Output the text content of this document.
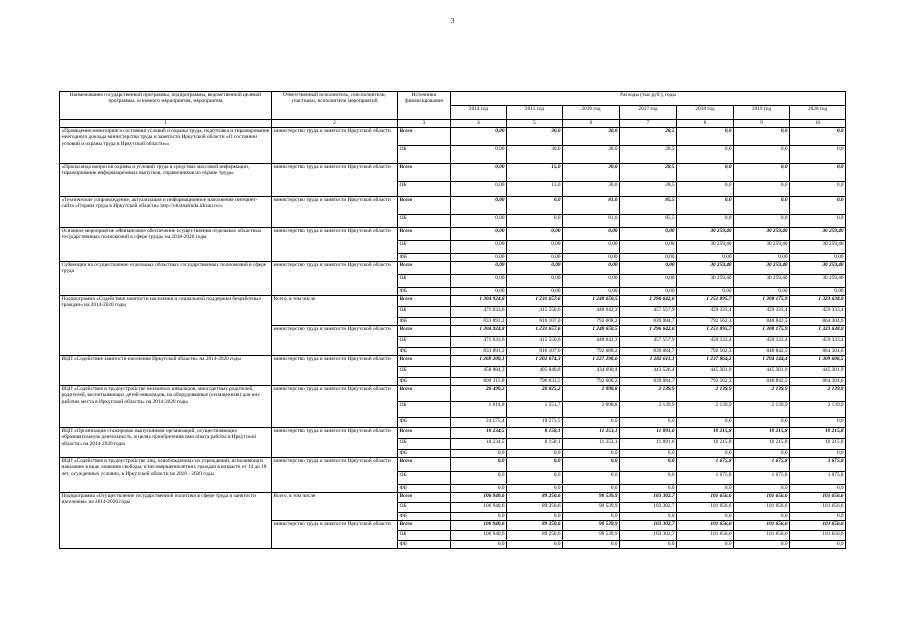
3
Наименование государственной программы, подпрограммы, ведомственной целевой программы, основного мероприятия, мероприятия	Ответственный исполнитель, соисполнители, участники, исполнители мероприятий	Источники финансирования	Расходы (тыс.руб.), годы						
			2014 год	2015 год	2016 год	2017 год	2018 год	2019 год	2020 год
1	2	3	4	5	6	7	8	9	10
«Проведение мониторинга состояния условий и охраны труда, подготовка и тиражирование ежегодного доклада министерства труда и занятости Иркутской области «О состоянии условий и охраны труда в Иркутской области»»	министерство труда и занятости Иркутской области	Всего	0,00	30,0	30,0	28,5	0,0	0,0	0,0
		ОБ	0,00	30,0	30,0	28,5	0,0	0,0	0,0
«Пропаганда вопросов охраны и условий труда в средствах массовой информации, тиражирование информационных выпусков, справочников по охране труда»	министерство труда и занятости Иркутской области	Всего	0,00	15,0	30,0	28,5	0,0	0,0	0,0
		ОБ	0,00	15,0	30,0	28,5	0,0	0,0	0,0
«Техническое сопровождение, актуализация и информационное наполнение интернет-сайта «Охрана труда в Иркутской области» http://ohranatruda.irkzan.ru/»	министерство труда и занятости Иркутской области	Всего	0,00	0,0	81,0	85,5	0,0	0,0	0,0
		ОБ	0,00	0,0	81,0	85,5	0,0	0,0	0,0
Основное мероприятие «Финансовое обеспечение осуществления отдельных областных государственных полномочий в сфере труда» на 2018-2020 годы	министерство труда и занятости Иркутской области	Всего	0,00	0,00	0,00	0,00	30 259,40	30 259,40	30 259,40
		ОБ	0,00	0,00	0,00	0,00	30 259,40	30 259,40	30 259,40
		ФБ	0,00	0,00	0,00	0,00	0,00	0,00	0,00
Субвенции на осуществление отдельных областных государственных полномочий в сфере труда	министерство труда и занятости Иркутской области	Всего	0,00	0,00	0,00	0,00	30 259,40	30 259,40	30 259,40
		ОБ	0,00	0,00	0,00	0,00	30 259,40	30 259,40	30 259,40
		ФБ	0,00	0,00	0,00	0,00	0,00	0,00	0,00
Подпрограмма «Содействие занятости населения и социальной поддержки безработных граждан» на 2014-2020 годы	Всего, в том числе	Всего	1 304 924,8	1 231 657,6	1 240 650,5	1 296 642,6	1 251 895,7	1 308 175,9	1 323 638,0
		ОБ	471 033,6	415 550,6	448 042,3	457 557,9	459 333,4	459 333,4	459 333,4
		ФБ	833 891,2	816 107,0	792 608,2	839 084,7	792 562,3	848 842,5	864 304,6
	министерство труда и занятости Иркутской области	Всего	1 304 924,8	1 231 657,6	1 240 650,5	1 296 642,6	1 251 895,7	1 308 175,9	1 323 638,0
		ОБ	471 033,6	415 550,6	448 042,3	457 557,9	459 333,4	459 333,4	459 333,4
		ФБ	833 891,2	816 107,0	792 608,2	839 084,7	792 562,3	848 842,5	864 304,6
ВЦП «Содействие занятости населения Иркутской области» на 2014-2020 годы	министерство труда и занятости Иркутской области	Всего	1 268 200,1	1 202 674,3	1 227 298,6	1 282 611,1	1 237 864,2	1 294 144,4	1 309 606,5
		ОБ	458 884,3	405 840,8	434 690,4	443 526,4	445 301,9	445 301,9	445 301,9
		ФБ	809 315,8	796 833,5	792 608,2	839 084,7	792 562,3	848 842,5	864 304,6
ВЦП «Содействие в трудоустройстве незанятых инвалидов, многодетных родителей, родителей, воспитывающих детей-инвалидов, на оборудованные (оснащенные) для них рабочие места в Иркутской области» на 2014-2020 годы	министерство труда и занятости Иркутской области	Всего	26 490,2	20 825,2	2 098,8	2 139,9	2 139,9	2 139,9	2 139,9
		ОБ	1 914,8	1 551,7	2 098,8	2 139,9	2 139,9	2 139,9	2 139,9
		ФБ	24 575,4	19 273,5	0,0	0,0	0,0	0,0	0,0
ВЦП «Организация стажировок выпускников организаций, осуществляющих образовательную деятельность, в целях приобретения ими опыта работы в Иркутской области» на 2014-2020 годы	министерство труда и занятости Иркутской области	Всего	10 234,5	8 158,1	11 253,1	11 891,6	10 215,8	10 215,8	10 215,8
		ОБ	10 234,5	8 158,1	11 253,1	11 891,6	10 215,8	10 215,8	10 215,8
		ФБ	0,0	0,0	0,0	0,0	0,0	0,0	0,0
ВЦП «Содействие в трудоустройстве лиц, освобожденных из учреждений, исполняющих наказание в виде лишения свободы, и несовершеннолетних граждан в возрасте от 14 до 18 лет, осужденных условно, в Иркутской области на 2018 - 2020 годы	министерство труда и занятости Иркутской области	Всего	0,0	0,0	0,0	0,0	1 675,8	1 675,8	1 675,8
		ОБ	0,0	0,0	0,0	0,0	1 675,8	1 675,8	1 675,8
		ФБ	0,0	0,0	0,0	0,0	0,0	0,0	0,0
Подпрограмма «Осуществление государственной политики в сфере труда и занятости населения» на 2014-2020 годы	Всего, в том числе	Всего	106 940,6	89 250,6	90 539,9	103 302,7	101 656,6	101 656,6	101 656,6
		ОБ	106 940,6	89 250,6	90 539,9	103 302,7	101 656,6	101 656,6	101 656,6
		ФБ	0,0	0,0	0,0	0,0	0,0	0,0	0,0
	министерство труда и занятости Иркутской области	Всего	106 940,6	89 250,6	90 539,9	103 302,7	101 656,6	101 656,6	101 656,6
		ОБ	106 940,6	89 250,6	90 539,9	103 302,7	101 656,6	101 656,6	101 656,6
		ФБ	0,0	0,0	0,0	0,0	0,0	0,0	0,0
